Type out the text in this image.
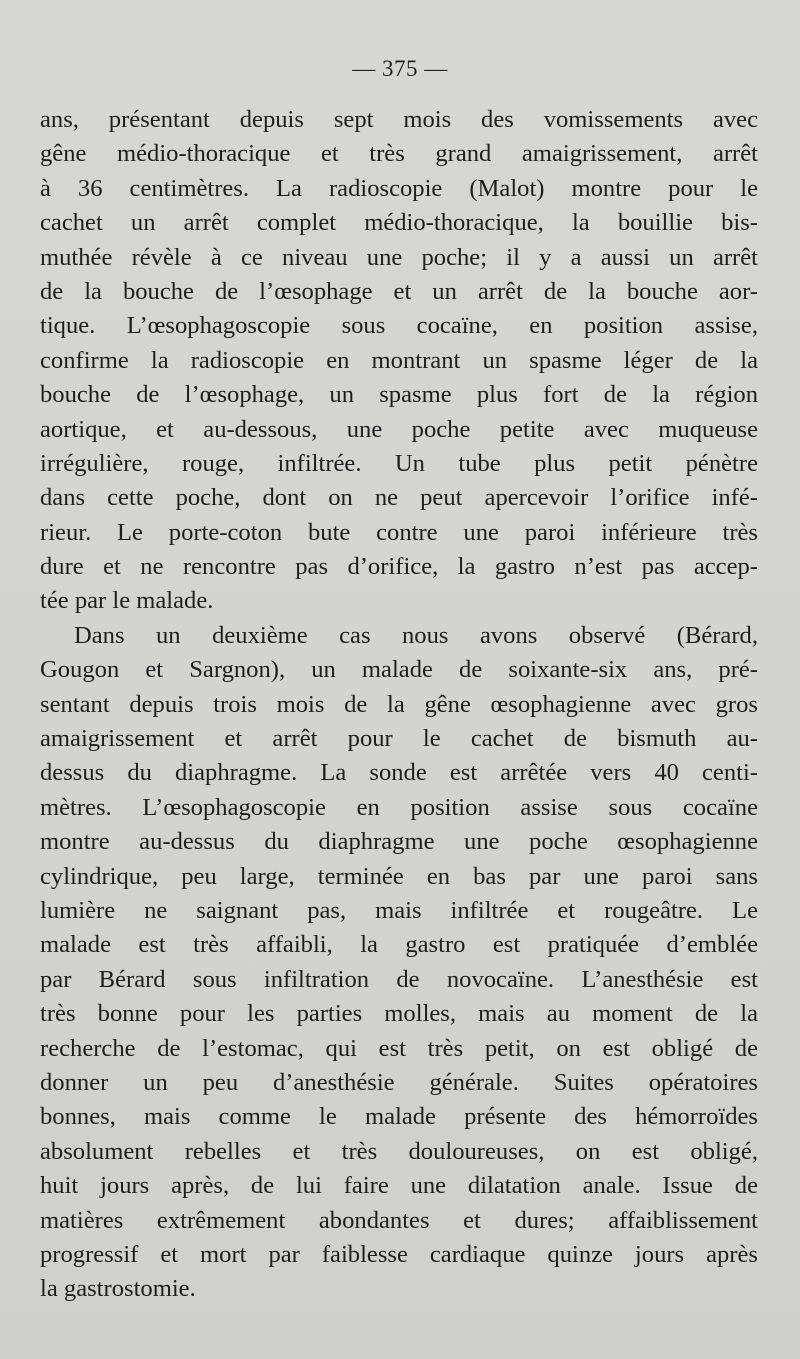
— 375 —
ans, présentant depuis sept mois des vomissements avec
gêne médio-thoracique et très grand amaigrissement, arrêt
à 36 centimètres. La radioscopie (Malot) montre pour le
cachet un arrêt complet médio-thoracique, la bouillie bis-
muthée révèle à ce niveau une poche; il y a aussi un arrêt
de la bouche de l’œsophage et un arrêt de la bouche aor-
tique. L’œsophagoscopie sous cocaïne, en position assise,
confirme la radioscopie en montrant un spasme léger de la
bouche de l’œsophage, un spasme plus fort de la région
aortique, et au-dessous, une poche petite avec muqueuse
irrégulière, rouge, infiltrée. Un tube plus petit pénètre
dans cette poche, dont on ne peut apercevoir l’orifice infé-
rieur. Le porte-coton bute contre une paroi inférieure très
dure et ne rencontre pas d’orifice, la gastro n’est pas accep-
tée par le malade.
Dans un deuxième cas nous avons observé (Bérard,
Gougon et Sargnon), un malade de soixante-six ans, pré-
sentant depuis trois mois de la gêne œsophagienne avec gros
amaigrissement et arrêt pour le cachet de bismuth au-
dessus du diaphragme. La sonde est arrêtée vers 40 centi-
mètres. L’œsophagoscopie en position assise sous cocaïne
montre au-dessus du diaphragme une poche œsophagienne
cylindrique, peu large, terminée en bas par une paroi sans
lumière ne saignant pas, mais infiltrée et rougeâtre. Le
malade est très affaibli, la gastro est pratiquée d’emblée
par Bérard sous infiltration de novocaïne. L’anesthésie est
très bonne pour les parties molles, mais au moment de la
recherche de l’estomac, qui est très petit, on est obligé de
donner un peu d’anesthésie générale. Suites opératoires
bonnes, mais comme le malade présente des hémorroïdes
absolument rebelles et très douloureuses, on est obligé,
huit jours après, de lui faire une dilatation anale. Issue de
matières extrêmement abondantes et dures; affaiblissement
progressif et mort par faiblesse cardiaque quinze jours après
la gastrostomie.
